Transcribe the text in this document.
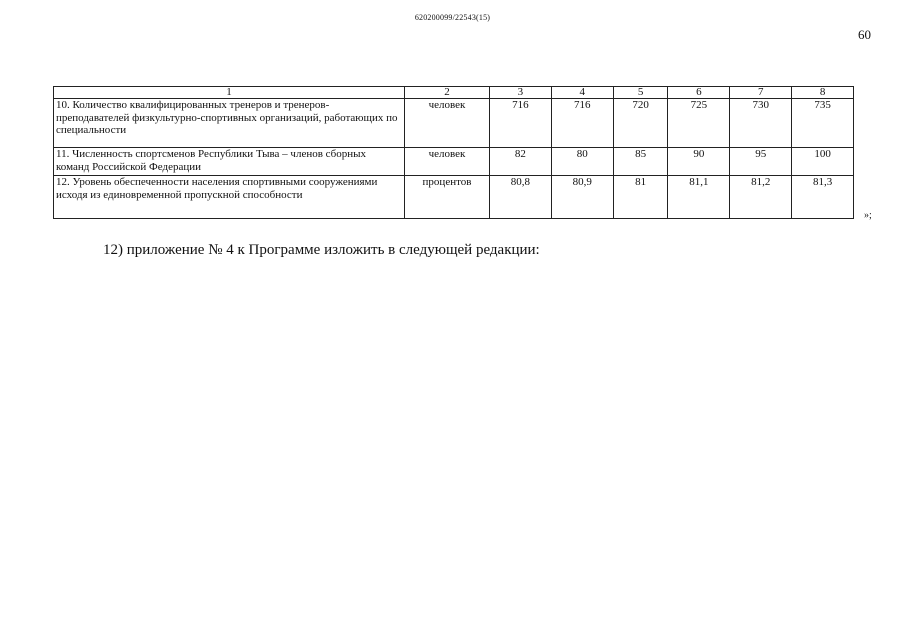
620200099/22543(15)
60
1	2	3	4	5	6	7	8
10. Количество квалифицированных тренеров и тренеров-преподавателей физкультурно-спортивных организаций, работающих по специальности	человек	716	716	720	725	730	735
11. Численность спортсменов Республики Тыва – членов сборных команд Российской Федерации	человек	82	80	85	90	95	100
12. Уровень обеспеченности населения спортивными сооружениями исходя из единовременной пропускной способности	процентов	80,8	80,9	81	81,1	81,2	81,3
»;
12) приложение № 4 к Программе изложить в следующей редакции:
